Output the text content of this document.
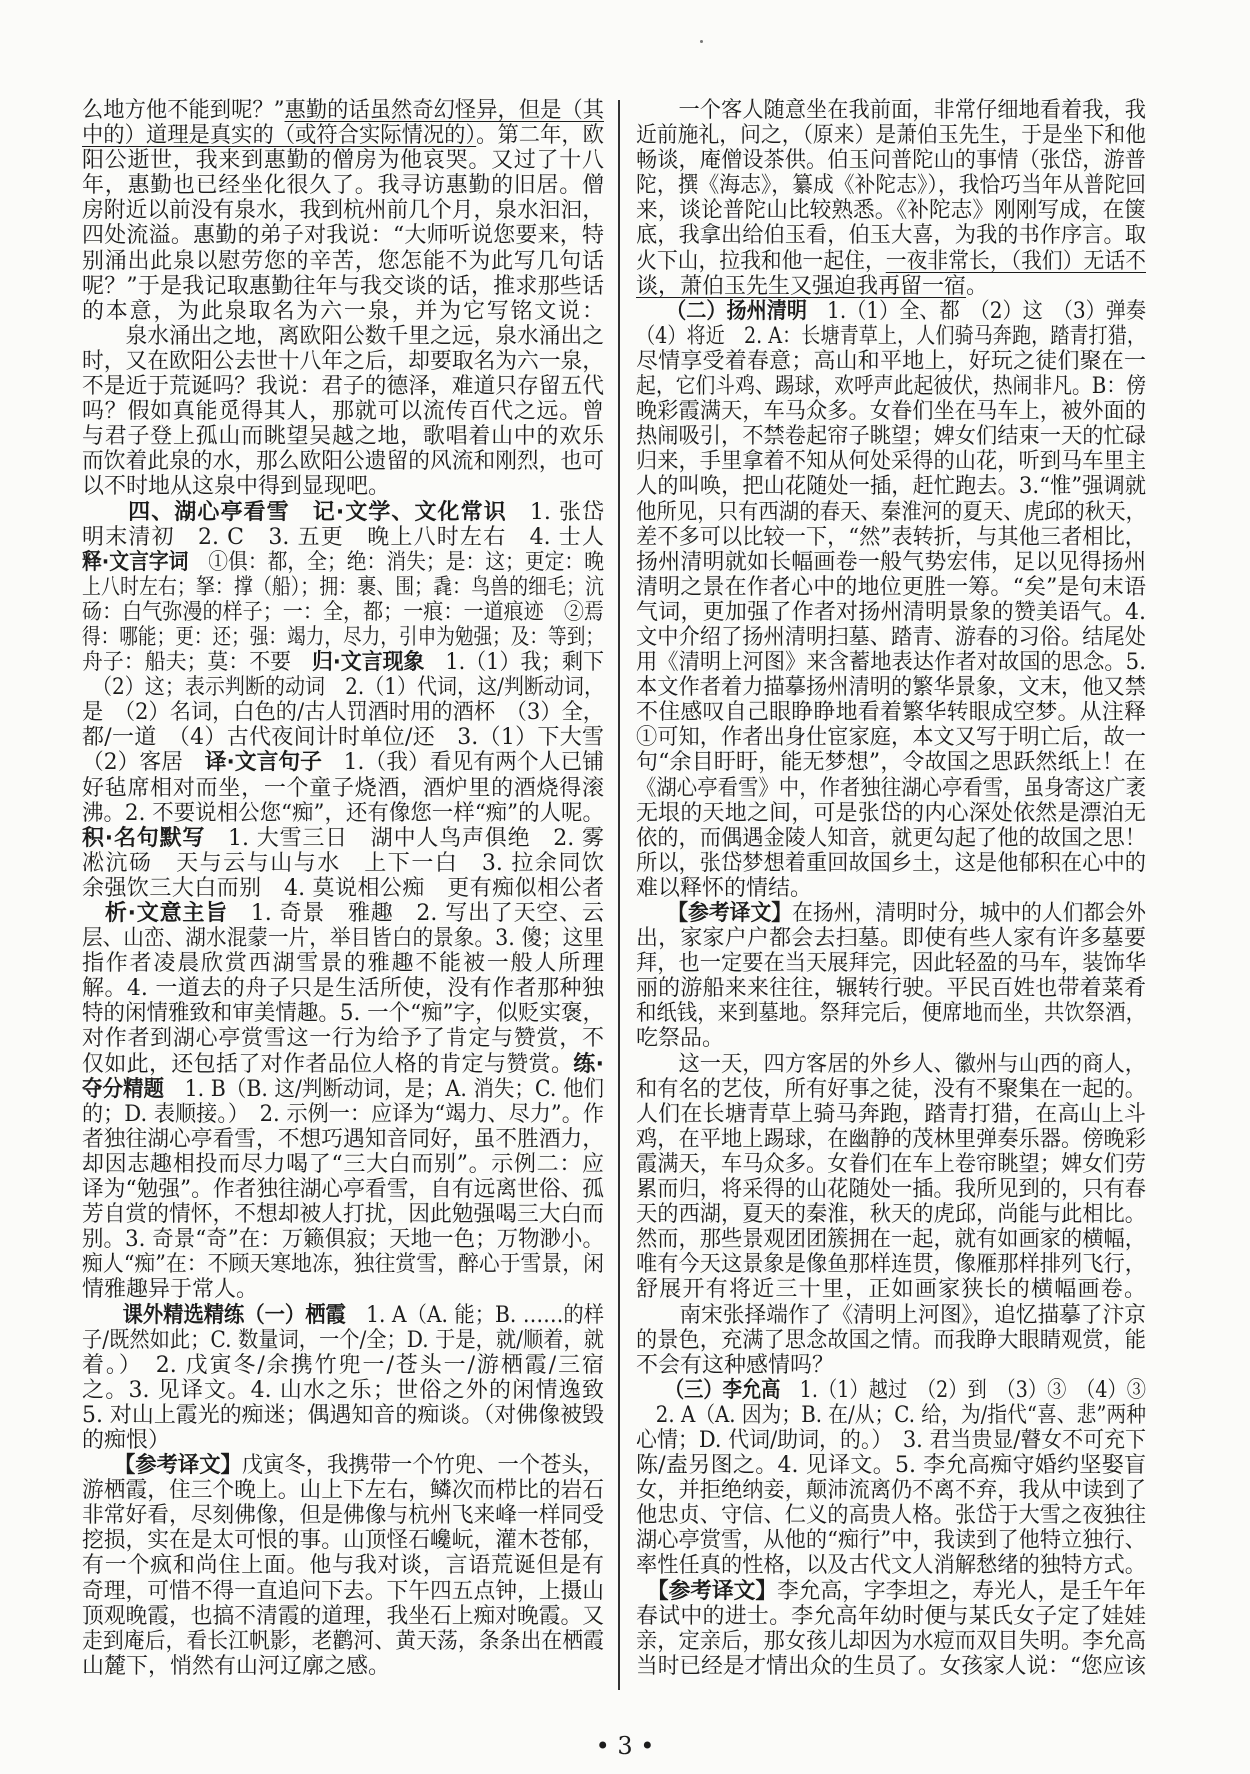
么地方他不能到呢？”惠勤的话虽然奇幻怪异，但是（其
中的）道理是真实的（或符合实际情况的）。第二年，欧
阳公逝世，我来到惠勤的僧房为他哀哭。又过了十八
年，惠勤也已经坐化很久了。我寻访惠勤的旧居。僧
房附近以前没有泉水，我到杭州前几个月，泉水汩汩，
四处流溢。惠勤的弟子对我说：“大师听说您要来，特
别涌出此泉以慰劳您的辛苦，您怎能不为此写几句话
呢？”于是我记取惠勤往年与我交谈的话，推求那些话
的本意，为此泉取名为六一泉，并为它写铭文说：
　　泉水涌出之地，离欧阳公数千里之远，泉水涌出之
时，又在欧阳公去世十八年之后，却要取名为六一泉，
不是近于荒诞吗？我说：君子的德泽，难道只存留五代
吗？假如真能觅得其人，那就可以流传百代之远。曾
与君子登上孤山而眺望吴越之地，歌唱着山中的欢乐
而饮着此泉的水，那么欧阳公遗留的风流和刚烈，也可
以不时地从这泉中得到显现吧。
　　四、湖心亭看雪　记·文学、文化常识　1. 张岱
明末清初　2. C　3. 五更　晚上八时左右　4. 士人
释·文言字词　①俱：都，全；绝：消失；是：这；更定：晚
上八时左右；拏：撑（船）；拥：裹、围；毳：鸟兽的细毛；沆
砀：白气弥漫的样子；一：全，都；一痕：一道痕迹　②焉
得：哪能；更：还；强：竭力，尽力，引申为勉强；及：等到；
舟子：船夫；莫：不要　归·文言现象　1.（1）我；剩下
　（2）这；表示判断的动词　2.（1）代词，这/判断动词，
是　（2）名词，白色的/古人罚酒时用的酒杯　（3）全，
都/一道　（4）古代夜间计时单位/还　3.（1）下大雪
（2）客居　译·文言句子　1.（我）看见有两个人已铺
好毡席相对而坐，一个童子烧酒，酒炉里的酒烧得滚
沸。2. 不要说相公您“痴”，还有像您一样“痴”的人呢。
积·名句默写　1. 大雪三日　湖中人鸟声俱绝　2. 雾
凇沆砀　天与云与山与水　上下一白　3. 拉余同饮
余强饮三大白而别　4. 莫说相公痴　更有痴似相公者
　析·文意主旨　1. 奇景　雅趣　2. 写出了天空、云
层、山峦、湖水混蒙一片，举目皆白的景象。3. 傻；这里
指作者凌晨欣赏西湖雪景的雅趣不能被一般人所理
解。4. 一道去的舟子只是生活所使，没有作者那种独
特的闲情雅致和审美情趣。5. 一个“痴”字，似贬实褒，
对作者到湖心亭赏雪这一行为给予了肯定与赞赏，不
仅如此，还包括了对作者品位人格的肯定与赞赏。练·
夺分精题　1. B（B. 这/判断动词，是；A. 消失；C. 他们
的；D. 表顺接。）　2. 示例一：应译为“竭力、尽力”。作
者独往湖心亭看雪，不想巧遇知音同好，虽不胜酒力，
却因志趣相投而尽力喝了“三大白而别”。示例二：应
译为“勉强”。作者独往湖心亭看雪，自有远离世俗、孤
芳自赏的情怀，不想却被人打扰，因此勉强喝三大白而
别。3. 奇景“奇”在：万籁俱寂；天地一色；万物渺小。
痴人“痴”在：不顾天寒地冻，独往赏雪，醉心于雪景，闲
情雅趣异于常人。
　　课外精选精练（一）栖霞　1. A（A. 能；B. ……的样
子/既然如此；C. 数量词，一个/全；D. 于是，就/顺着，就
着。）　2. 戊寅冬/余携竹兜一/苍头一/游栖霞/三宿
之。3. 见译文。4. 山水之乐；世俗之外的闲情逸致
5. 对山上霞光的痴迷；偶遇知音的痴谈。（对佛像被毁
的痴恨）
　　【参考译文】戊寅冬，我携带一个竹兜、一个苍头，
游栖霞，住三个晚上。山上下左右，鳞次而栉比的岩石
非常好看，尽刻佛像，但是佛像与杭州飞来峰一样同受
挖损，实在是太可恨的事。山顶怪石巉岏，灌木苍郁，
有一个疯和尚住上面。他与我对谈，言语荒诞但是有
奇理，可惜不得一直追问下去。下午四五点钟，上摄山
顶观晚霞，也搞不清霞的道理，我坐石上痴对晚霞。又
走到庵后，看长江帆影，老鹳河、黄天荡，条条出在栖霞
山麓下，悄然有山河辽廓之感。
　　一个客人随意坐在我前面，非常仔细地看着我，我
近前施礼，问之，（原来）是萧伯玉先生，于是坐下和他
畅谈，庵僧设茶供。伯玉问普陀山的事情（张岱，游普
陀，撰《海志》，纂成《补陀志》），我恰巧当年从普陀回
来，谈论普陀山比较熟悉。《补陀志》刚刚写成，在箧
底，我拿出给伯玉看，伯玉大喜，为我的书作序言。取
火下山，拉我和他一起住，一夜非常长，（我们）无话不
谈，萧伯玉先生又强迫我再留一宿。
　　（二）扬州清明　1.（1）全、都　（2）这　（3）弹奏
（4）将近　2. A：长塘青草上，人们骑马奔跑，踏青打猎，
尽情享受着春意；高山和平地上，好玩之徒们聚在一
起，它们斗鸡、踢球，欢呼声此起彼伏，热闹非凡。B：傍
晚彩霞满天，车马众多。女眷们坐在马车上，被外面的
热闹吸引，不禁卷起帘子眺望；婢女们结束一天的忙碌
归来，手里拿着不知从何处采得的山花，听到马车里主
人的叫唤，把山花随处一插，赶忙跑去。3.“惟”强调就
他所见，只有西湖的春天、秦淮河的夏天、虎邱的秋天，
差不多可以比较一下，“然”表转折，与其他三者相比，
扬州清明就如长幅画卷一般气势宏伟，足以见得扬州
清明之景在作者心中的地位更胜一筹。“矣”是句末语
气词，更加强了作者对扬州清明景象的赞美语气。4.
文中介绍了扬州清明扫墓、踏青、游春的习俗。结尾处
用《清明上河图》来含蓄地表达作者对故国的思念。5.
本文作者着力描摹扬州清明的繁华景象，文末，他又禁
不住感叹自己眼睁睁地看着繁华转眼成空梦。从注释
①可知，作者出身仕宦家庭，本文又写于明亡后，故一
句“余目盱盱，能无梦想”，令故国之思跃然纸上！在
《湖心亭看雪》中，作者独往湖心亭看雪，虽身寄这广袤
无垠的天地之间，可是张岱的内心深处依然是漂泊无
依的，而偶遇金陵人知音，就更勾起了他的故国之思！
所以，张岱梦想着重回故国乡土，这是他郁积在心中的
难以释怀的情结。
　　【参考译文】在扬州，清明时分，城中的人们都会外
出，家家户户都会去扫墓。即使有些人家有许多墓要
拜，也一定要在当天展拜完，因此轻盈的马车，装饰华
丽的游船来来往往，辗转行驶。平民百姓也带着菜肴
和纸钱，来到墓地。祭拜完后，便席地而坐，共饮祭酒，
吃祭品。
　　这一天，四方客居的外乡人、徽州与山西的商人，
和有名的艺伎，所有好事之徒，没有不聚集在一起的。
人们在长塘青草上骑马奔跑，踏青打猎，在高山上斗
鸡，在平地上踢球，在幽静的茂林里弹奏乐器。傍晚彩
霞满天，车马众多。女眷们在车上卷帘眺望；婢女们劳
累而归，将采得的山花随处一插。我所见到的，只有春
天的西湖，夏天的秦淮，秋天的虎邱，尚能与此相比。
然而，那些景观团团簇拥在一起，就有如画家的横幅，
唯有今天这景象是像鱼那样连贯，像雁那样排列飞行，
舒展开有将近三十里，正如画家狭长的横幅画卷。
　　南宋张择端作了《清明上河图》，追忆描摹了汴京
的景色，充满了思念故国之情。而我睁大眼睛观赏，能
不会有这种感情吗？
　　（三）李允高　1.（1）越过　（2）到　（3）③　（4）③
　2. A（A. 因为；B. 在/从；C. 给，为/指代“喜、悲”两种
心情；D. 代词/助词，的。）　3. 君当贵显/瞽女不可充下
陈/盍另图之。4. 见译文。5. 李允高痴守婚约坚娶盲
女，并拒绝纳妾，颠沛流离仍不离不弃，我从中读到了
他忠贞、守信、仁义的高贵人格。张岱于大雪之夜独往
湖心亭赏雪，从他的“痴行”中，我读到了他特立独行、
率性任真的性格，以及古代文人消解愁绪的独特方式。
　【参考译文】李允高，字李坦之，寿光人，是壬午年
春试中的进士。李允高年幼时便与某氏女子定了娃娃
亲，定亲后，那女孩儿却因为水痘而双目失明。李允高
当时已经是才情出众的生员了。女孩家人说：“您应该
• 3 •
